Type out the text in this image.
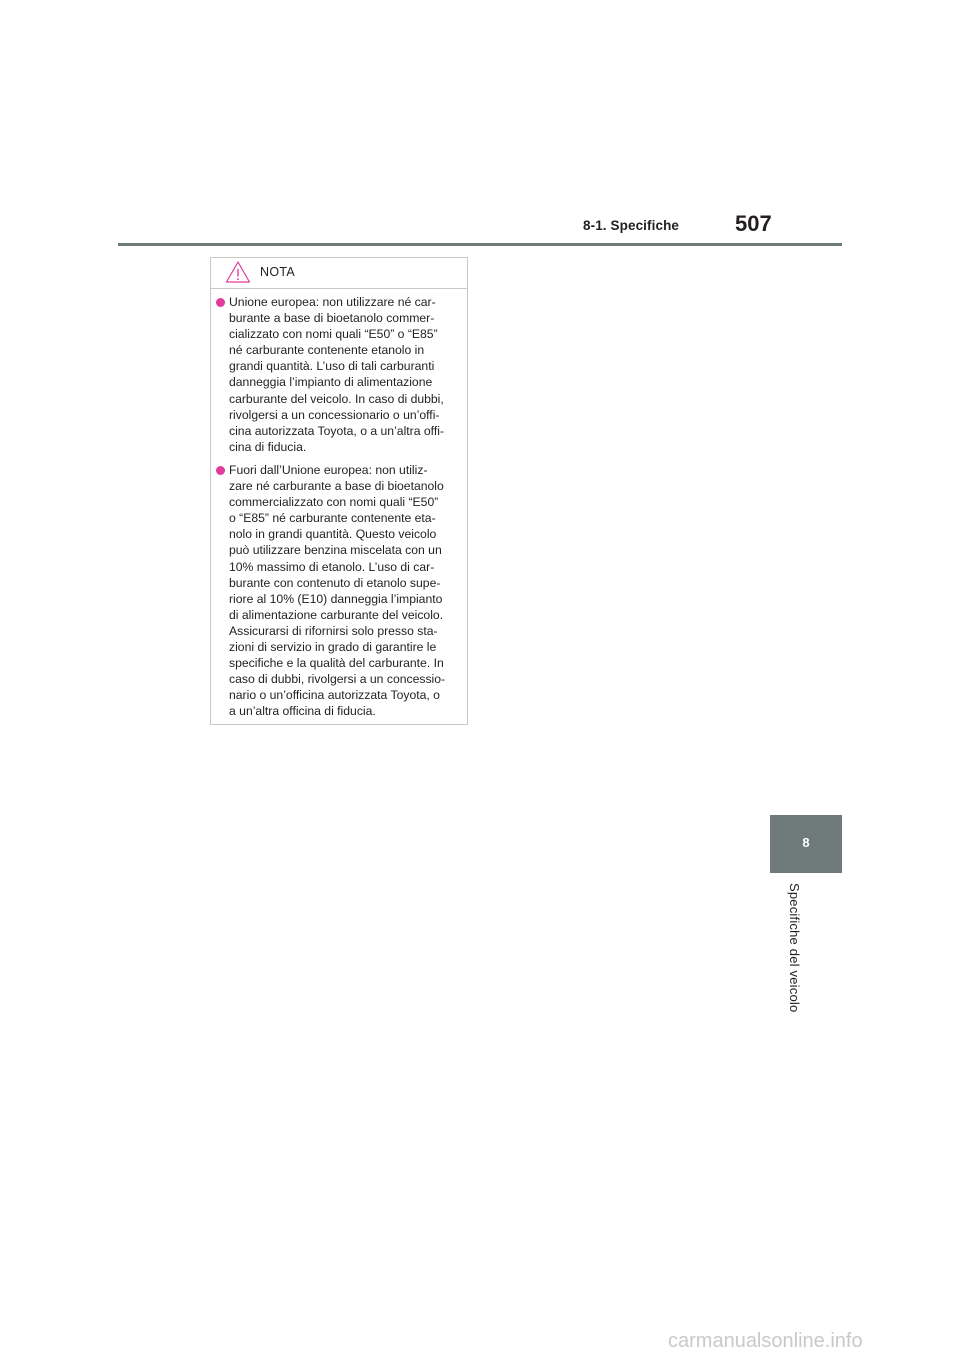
8-1. Specifiche	507
NOTA
Unione europea: non utilizzare né car-
burante a base di bioetanolo commer-
cializzato con nomi quali “E50” o “E85”
né carburante contenente etanolo in
grandi quantità. L’uso di tali carburanti
danneggia l’impianto di alimentazione
carburante del veicolo. In caso di dubbi,
rivolgersi a un concessionario o un’offi-
cina autorizzata Toyota, o a un’altra offi-
cina di fiducia.
Fuori dall’Unione europea: non utiliz-
zare né carburante a base di bioetanolo
commercializzato con nomi quali “E50”
o “E85” né carburante contenente eta-
nolo in grandi quantità. Questo veicolo
può utilizzare benzina miscelata con un
10% massimo di etanolo. L’uso di car-
burante con contenuto di etanolo supe-
riore al 10% (E10) danneggia l’impianto
di alimentazione carburante del veicolo.
Assicurarsi di rifornirsi solo presso sta-
zioni di servizio in grado di garantire le
specifiche e la qualità del carburante. In
caso di dubbi, rivolgersi a un concessio-
nario o un’officina autorizzata Toyota, o
a un’altra officina di fiducia.
8
Specifiche del veicolo
carmanualsonline.info
